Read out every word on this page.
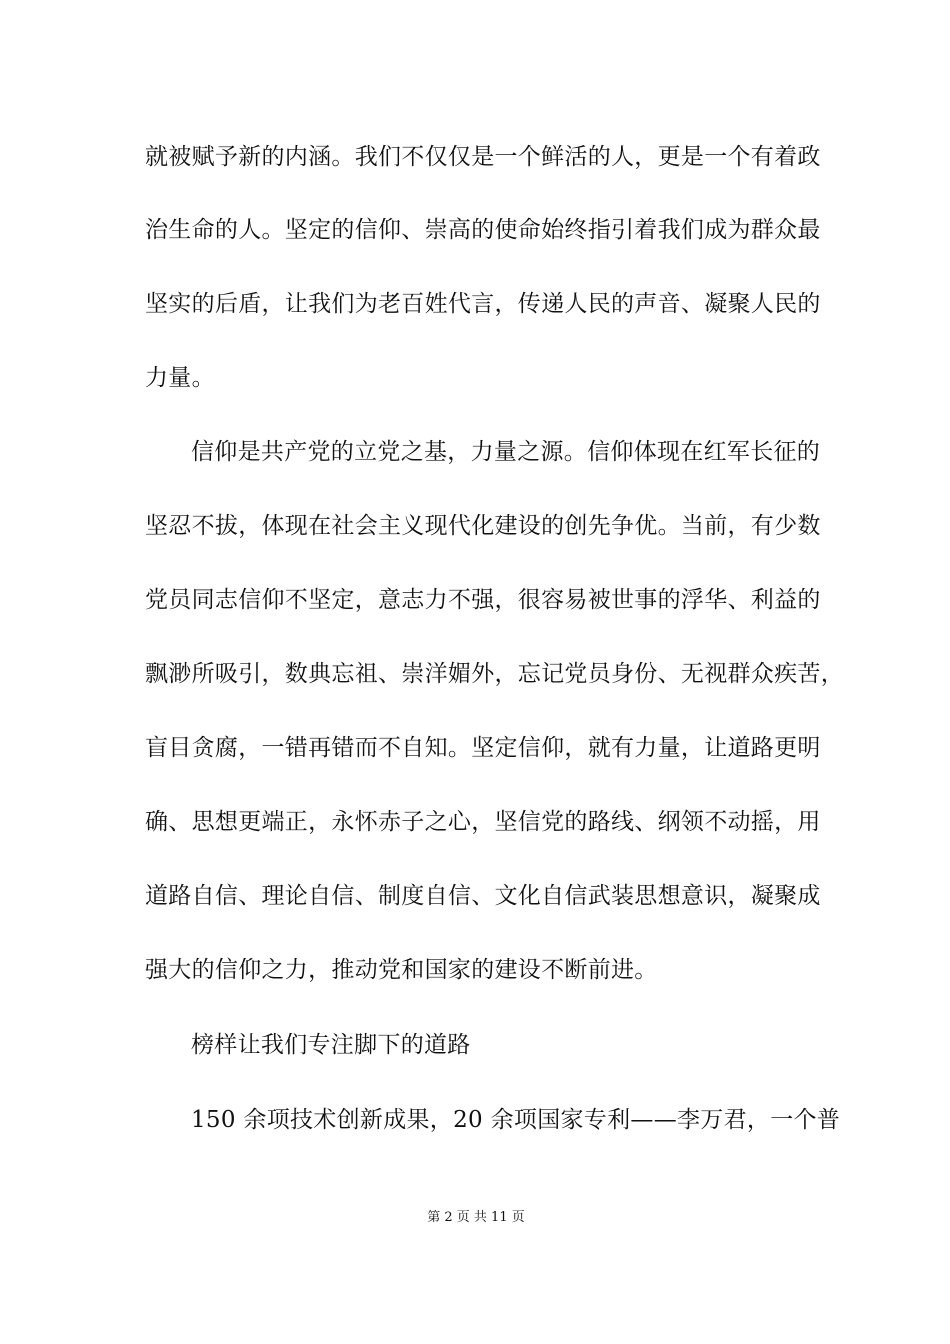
就被赋予新的内涵。我们不仅仅是一个鲜活的人，更是一个有着政
治生命的人。坚定的信仰、崇高的使命始终指引着我们成为群众最
坚实的后盾，让我们为老百姓代言，传递人民的声音、凝聚人民的
力量。
信仰是共产党的立党之基，力量之源。信仰体现在红军长征的
坚忍不拔，体现在社会主义现代化建设的创先争优。当前，有少数
党员同志信仰不坚定，意志力不强，很容易被世事的浮华、利益的
飘渺所吸引，数典忘祖、崇洋媚外，忘记党员身份、无视群众疾苦，
盲目贪腐，一错再错而不自知。坚定信仰，就有力量，让道路更明
确、思想更端正，永怀赤子之心，坚信党的路线、纲领不动摇，用
道路自信、理论自信、制度自信、文化自信武装思想意识，凝聚成
强大的信仰之力，推动党和国家的建设不断前进。
榜样让我们专注脚下的道路
150 余项技术创新成果，20 余项国家专利——李万君，一个普
第 2 页 共 11 页
